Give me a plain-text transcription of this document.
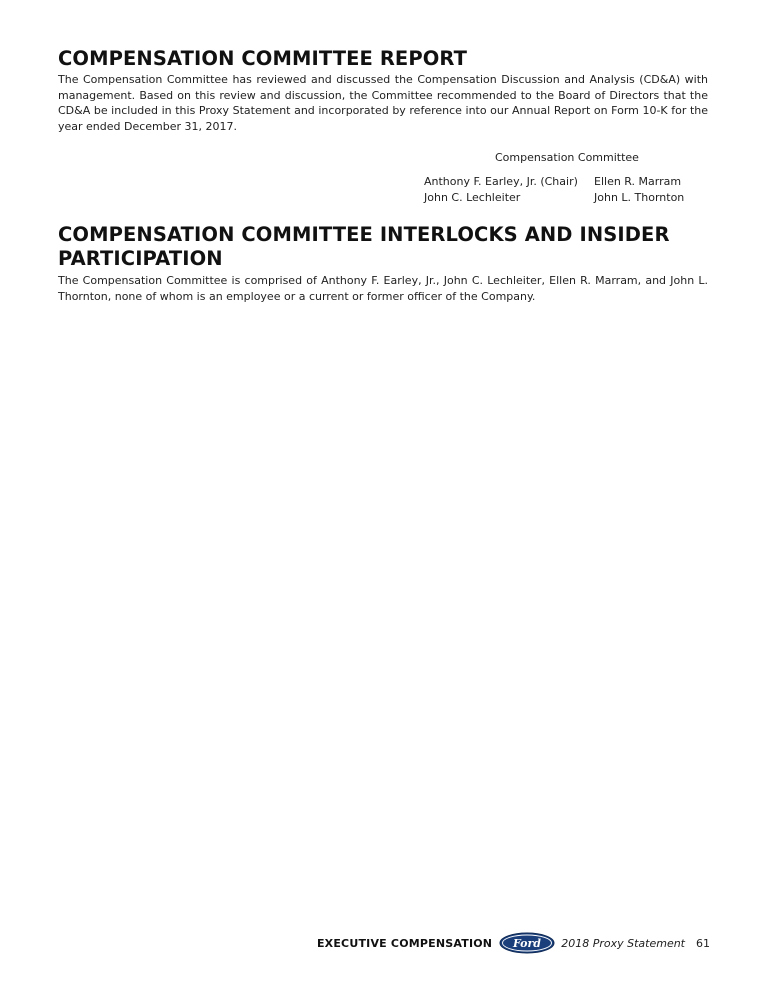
COMPENSATION COMMITTEE REPORT

The Compensation Committee has reviewed and discussed the Compensation Discussion and Analysis (CD&A) with management. Based on this review and discussion, the Committee recommended to the Board of Directors that the CD&A be included in this Proxy Statement and incorporated by reference into our Annual Report on Form 10-K for the year ended December 31, 2017.

Compensation Committee
Anthony F. Earley, Jr. (Chair)
John C. Lechleiter
Ellen R. Marram
John L. Thornton
COMPENSATION COMMITTEE INTERLOCKS AND INSIDER PARTICIPATION

The Compensation Committee is comprised of Anthony F. Earley, Jr., John C. Lechleiter, Ellen R. Marram, and John L. Thornton, none of whom is an employee or a current or former officer of the Company.

EXECUTIVE COMPENSATION Ford 2018 Proxy Statement 61
